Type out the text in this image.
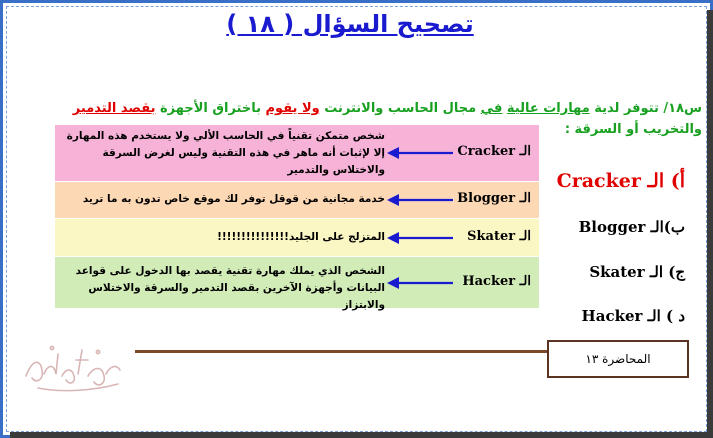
تصحيح السؤال ( ١٨ )
س١٨/ تتوفر لدية مهارات عالية في مجال الحاسب والانترنت ولا يقوم باختراق الأجهزة بقصد التدمير والتخريب أو السرقة :
شخص متمكن تقنياً في الحاسب الألي ولا يستخدم هذه المهارة إلا لإثبات أنه ماهر في هذه التقنية وليس لغرض السرقة والاختلاس والتدمير
الـ Cracker
خدمة مجانية من قوقل توفر لك موقع خاص تدون به ما تريد	الـ Blogger
المتزلج على الجليد!!!!!!!!!!!!!!!	الـ Skater
الشخص الذي يملك مهارة تقنية يقصد بها الدخول على قواعد البيانات وأجهزة الآخرين بقصد التدمير والسرقة والاختلاس والابتزاز
الـ Hacker
أ) الـ Cracker
ب)الـ Blogger
ج) الـ Skater
د ) الـ Hacker
المحاضرة ١٣
